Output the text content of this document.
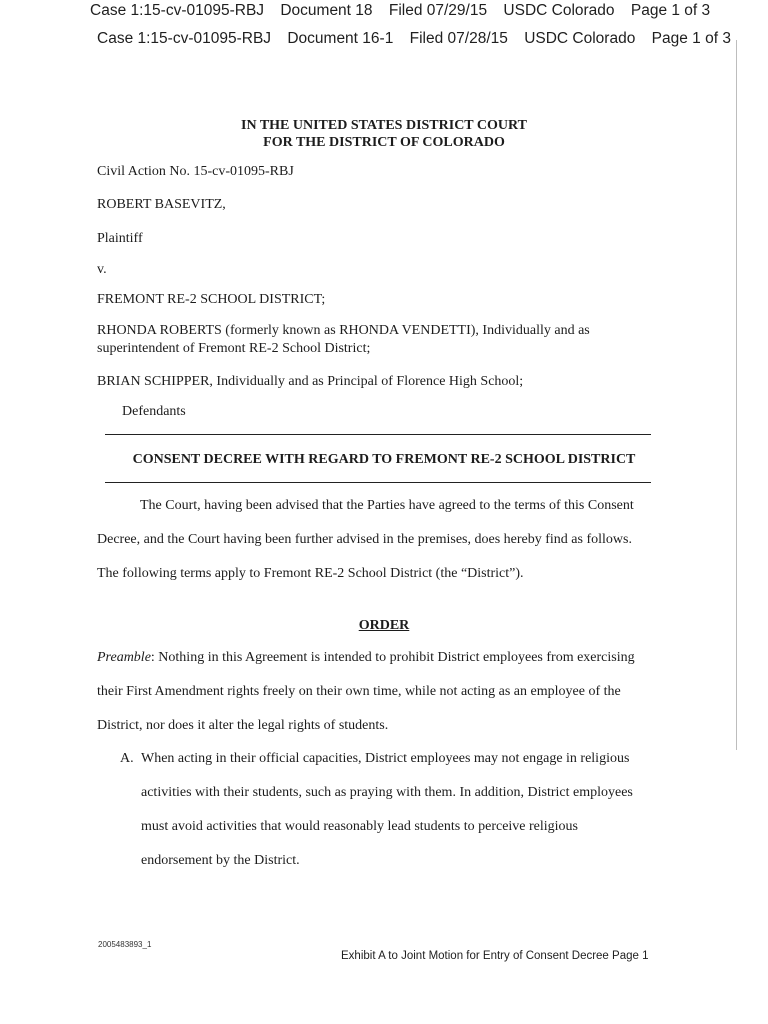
Case 1:15-cv-01095-RBJ Document 18 Filed 07/29/15 USDC Colorado Page 1 of 3
Case 1:15-cv-01095-RBJ Document 16-1 Filed 07/28/15 USDC Colorado Page 1 of 3
IN THE UNITED STATES DISTRICT COURT
FOR THE DISTRICT OF COLORADO
Civil Action No. 15-cv-01095-RBJ
ROBERT BASEVITZ,
Plaintiff
v.
FREMONT RE-2 SCHOOL DISTRICT;
RHONDA ROBERTS (formerly known as RHONDA VENDETTI), Individually and as
superintendent of Fremont RE-2 School District;
BRIAN SCHIPPER, Individually and as Principal of Florence High School;
Defendants
CONSENT DECREE WITH REGARD TO FREMONT RE-2 SCHOOL DISTRICT
The Court, having been advised that the Parties have agreed to the terms of this Consent
Decree, and the Court having been further advised in the premises, does hereby find as follows.
The following terms apply to Fremont RE-2 School District (the “District”).
ORDER
Preamble: Nothing in this Agreement is intended to prohibit District employees from exercising
their First Amendment rights freely on their own time, while not acting as an employee of the
District, nor does it alter the legal rights of students.
A. When acting in their official capacities, District employees may not engage in religious
activities with their students, such as praying with them. In addition, District employees
must avoid activities that would reasonably lead students to perceive religious
endorsement by the District.
2005483893_1
Exhibit A to Joint Motion for Entry of Consent Decree Page 1
